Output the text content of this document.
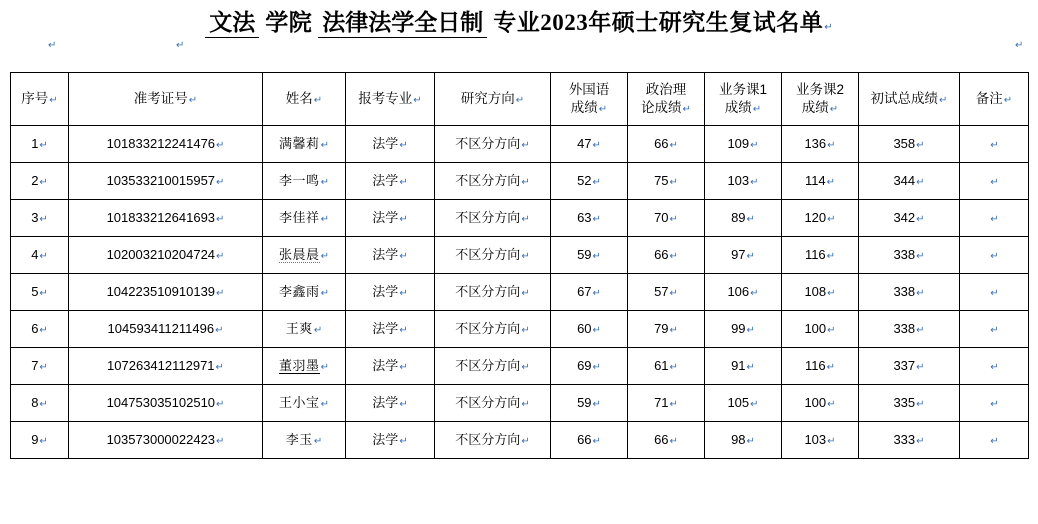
文法 学院 法律法学全日制 专业2023年硕士研究生复试名单↵
↵	↵	↵
序号↵	准考证号↵	姓名↵	报考专业↵	研究方向↵	外国语
成绩↵	政治理
论成绩↵	业务课1
成绩↵	业务课2
成绩↵	初试总成绩↵	备注↵

1↵	101833212241476↵	满馨莉↵	法学↵	不区分方向↵	47↵	66↵	109↵	136↵	358↵	↵
2↵	103533210015957↵	李一鸣↵	法学↵	不区分方向↵	52↵	75↵	103↵	114↵	344↵	↵
3↵	101833212641693↵	李佳祥↵	法学↵	不区分方向↵	63↵	70↵	89↵	120↵	342↵	↵
4↵	102003210204724↵	张晨晨↵	法学↵	不区分方向↵	59↵	66↵	97↵	116↵	338↵	↵
5↵	104223510910139↵	李鑫雨↵	法学↵	不区分方向↵	67↵	57↵	106↵	108↵	338↵	↵
6↵	104593411211496↵	王爽↵	法学↵	不区分方向↵	60↵	79↵	99↵	100↵	338↵	↵
7↵	107263412112971↵	董羽墨↵	法学↵	不区分方向↵	69↵	61↵	91↵	116↵	337↵	↵
8↵	104753035102510↵	王小宝↵	法学↵	不区分方向↵	59↵	71↵	105↵	100↵	335↵	↵
9↵	103573000022423↵	李玉↵	法学↵	不区分方向↵	66↵	66↵	98↵	103↵	333↵	↵
